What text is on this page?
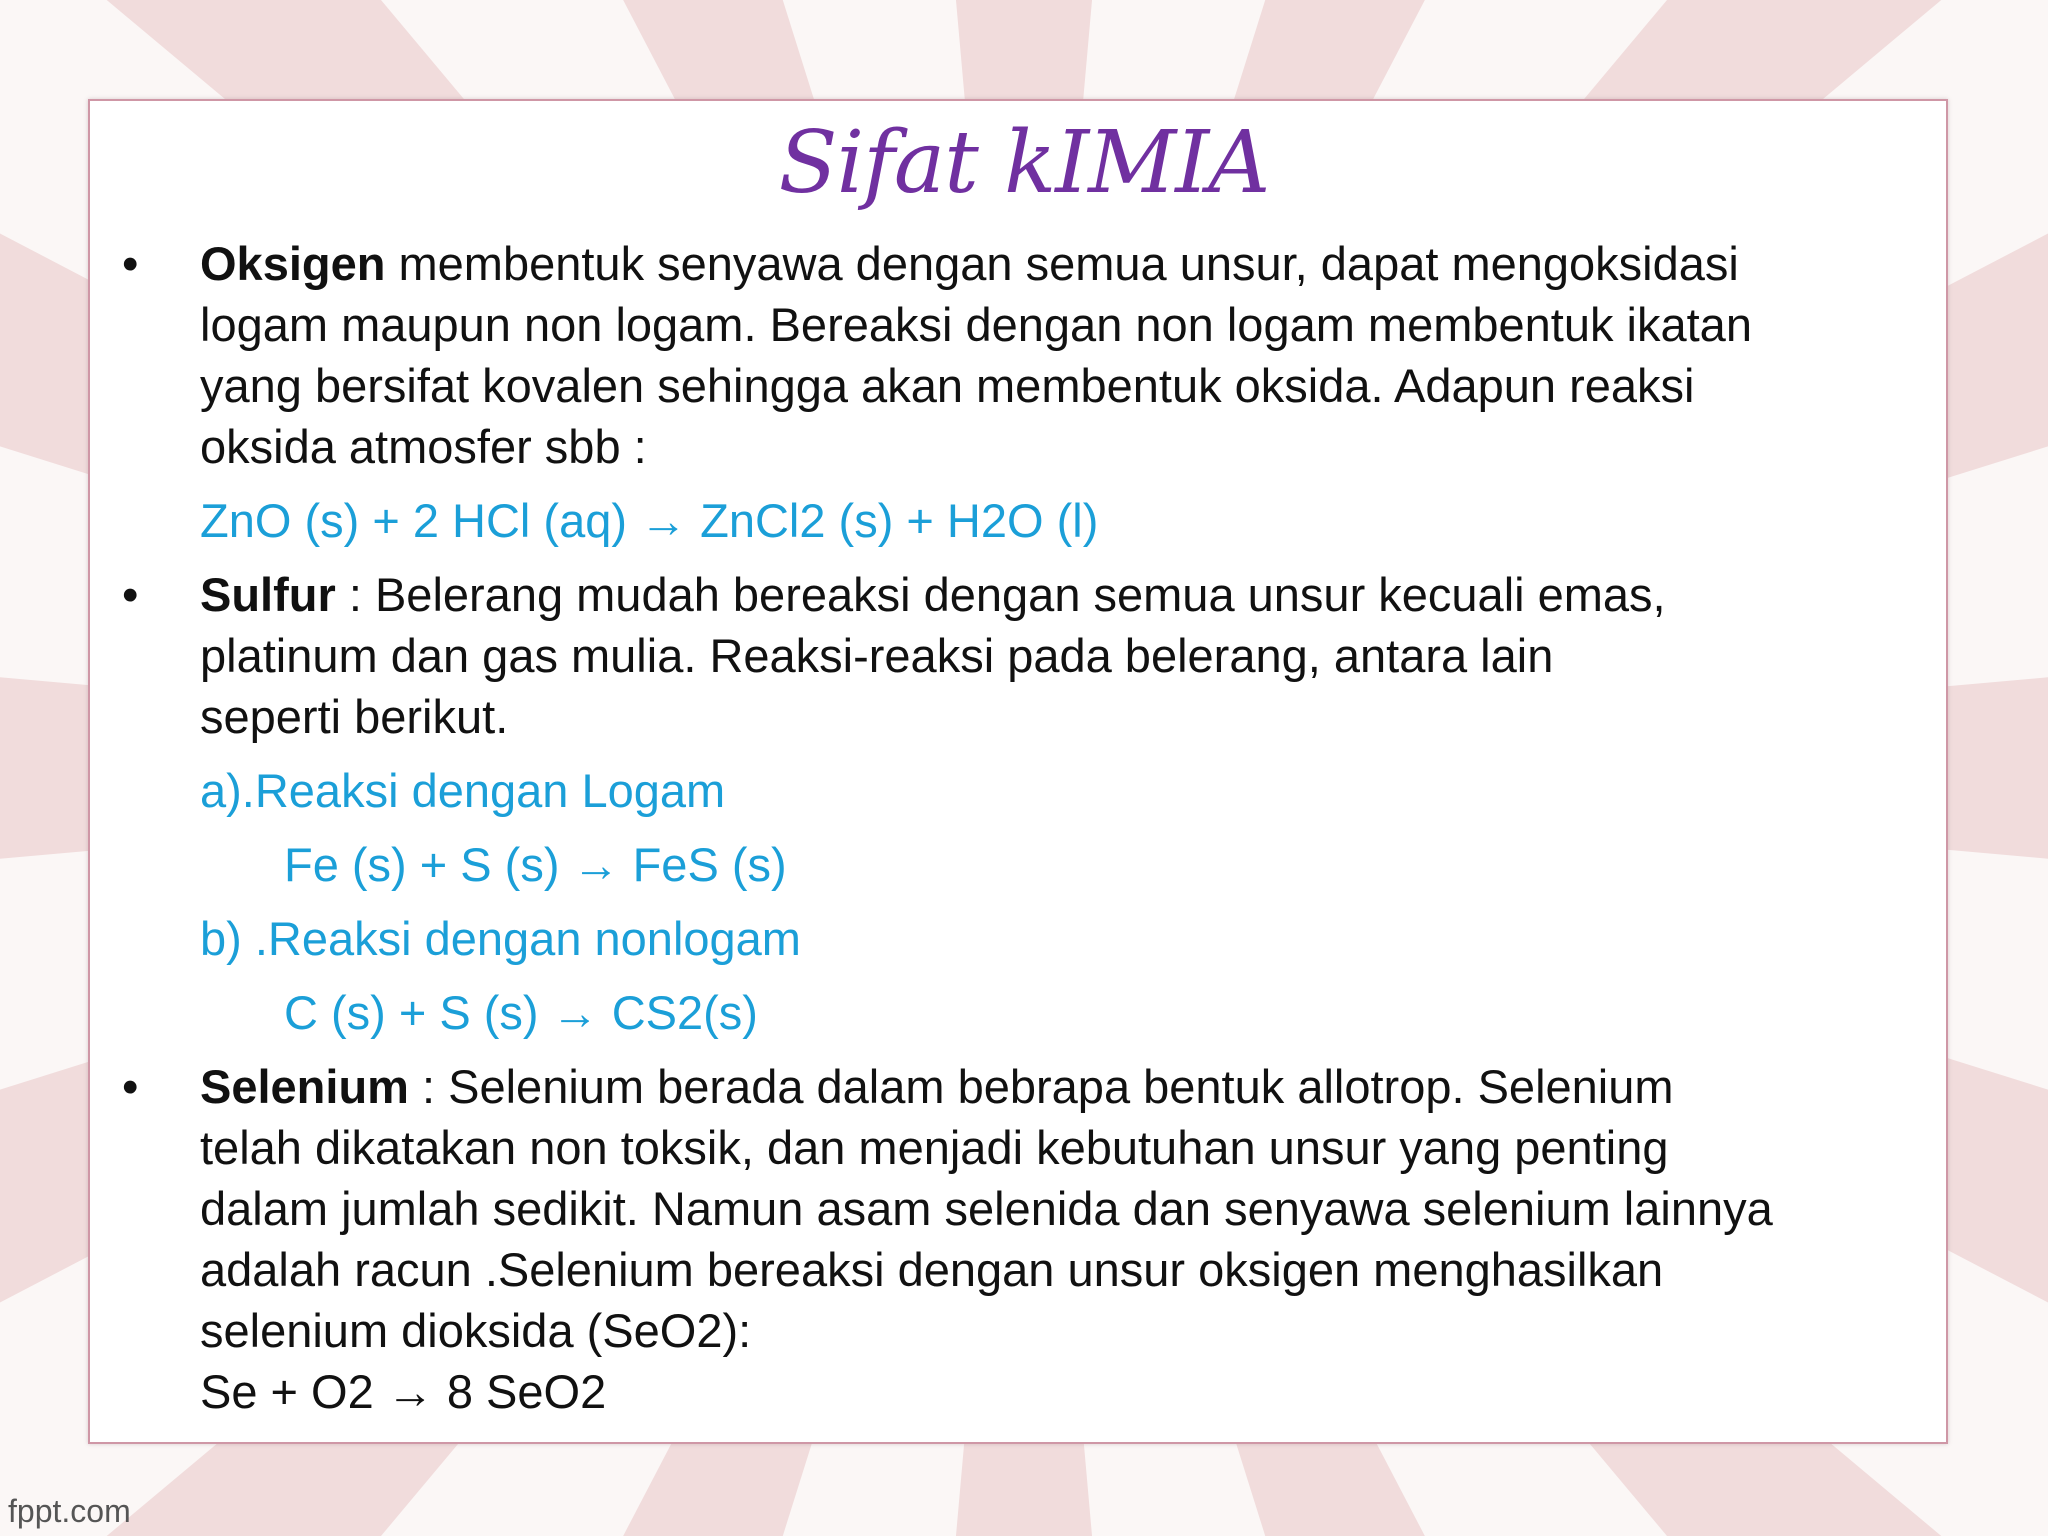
Sifat kIMIA
• Oksigen membentuk senyawa dengan semua unsur, dapat mengoksidasi
logam maupun non logam. Bereaksi dengan non logam membentuk ikatan
yang bersifat kovalen sehingga akan membentuk oksida. Adapun reaksi
oksida atmosfer sbb :
ZnO (s) + 2 HCl (aq) → ZnCl2 (s) + H2O (l)
• Sulfur : Belerang mudah bereaksi dengan semua unsur kecuali emas,
platinum dan gas mulia. Reaksi-reaksi pada belerang, antara lain
seperti berikut.
a).Reaksi dengan Logam
Fe (s) + S (s) → FeS (s)
b) .Reaksi dengan nonlogam
C (s) + S (s) → CS2(s)
• Selenium : Selenium berada dalam bebrapa bentuk allotrop. Selenium
telah dikatakan non toksik, dan menjadi kebutuhan unsur yang penting
dalam jumlah sedikit. Namun asam selenida dan senyawa selenium lainnya
adalah racun .Selenium bereaksi dengan unsur oksigen menghasilkan
selenium dioksida (SeO2):
Se + O2 → 8 SeO2
fppt.com
